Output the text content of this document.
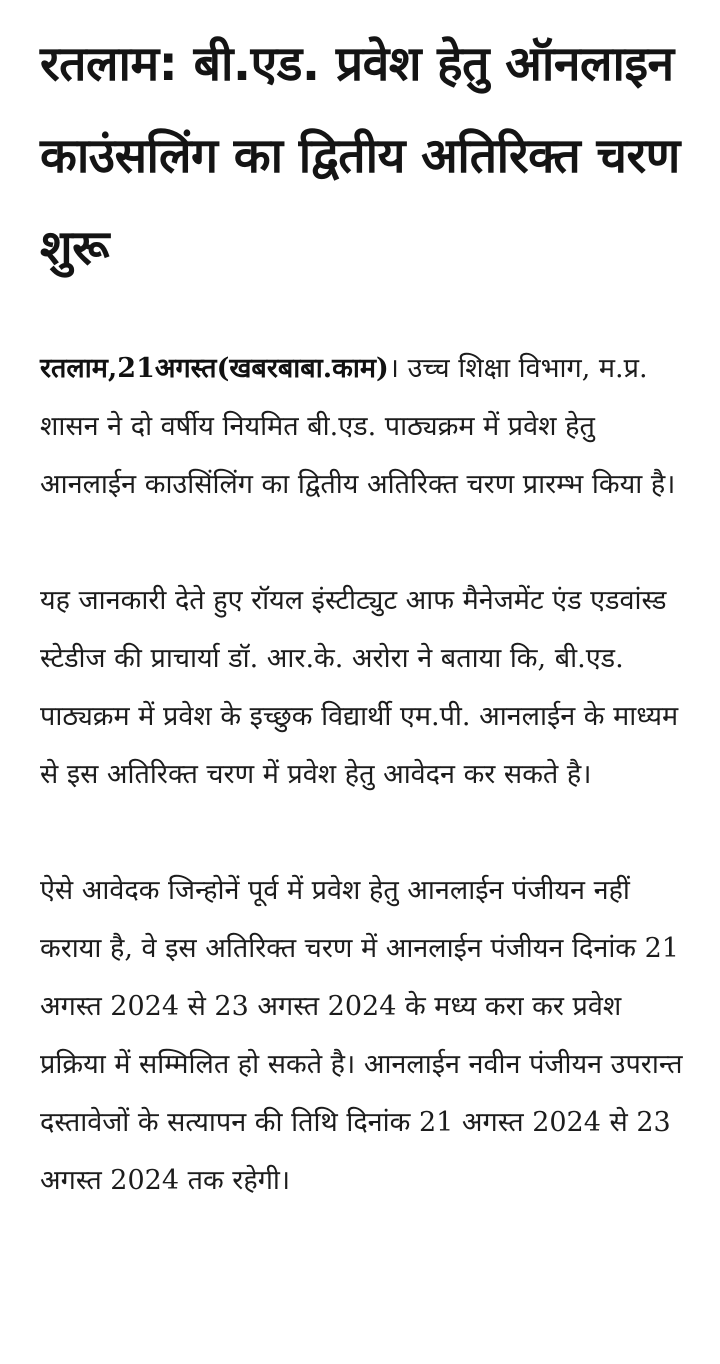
रतलाम: बी.एड. प्रवेश हेतु ऑनलाइन काउंसलिंग का द्वितीय अतिरिक्त चरण शुरू

रतलाम,21अगस्त(खबरबाबा.काम)। उच्च शिक्षा विभाग, म.प्र. शासन ने दो वर्षीय नियमित बी.एड. पाठ्यक्रम में प्रवेश हेतु आनलाईन काउसिंलिंग का द्वितीय अतिरिक्त चरण प्रारम्भ किया है।

यह जानकारी देते हुए रॉयल इंस्टीट्युट आफ मैनेजमेंट एंड एडवांस्ड स्टेडीज की प्राचार्या डॉ. आर.के. अरोरा ने बताया कि, बी.एड. पाठ्यक्रम में प्रवेश के इच्छुक विद्यार्थी एम.पी. आनलाईन के माध्यम से इस अतिरिक्त चरण में प्रवेश हेतु आवेदन कर सकते है।

ऐसे आवेदक जिन्होनें पूर्व में प्रवेश हेतु आनलाईन पंजीयन नहीं कराया है, वे इस अतिरिक्त चरण में आनलाईन पंजीयन दिनांक 21 अगस्त 2024 से 23 अगस्त 2024 के मध्य करा कर प्रवेश प्रक्रिया में सम्मिलित हो सकते है। आनलाईन नवीन पंजीयन उपरान्त दस्तावेजों के सत्यापन की तिथि दिनांक 21 अगस्त 2024 से 23 अगस्त 2024 तक रहेगी।
